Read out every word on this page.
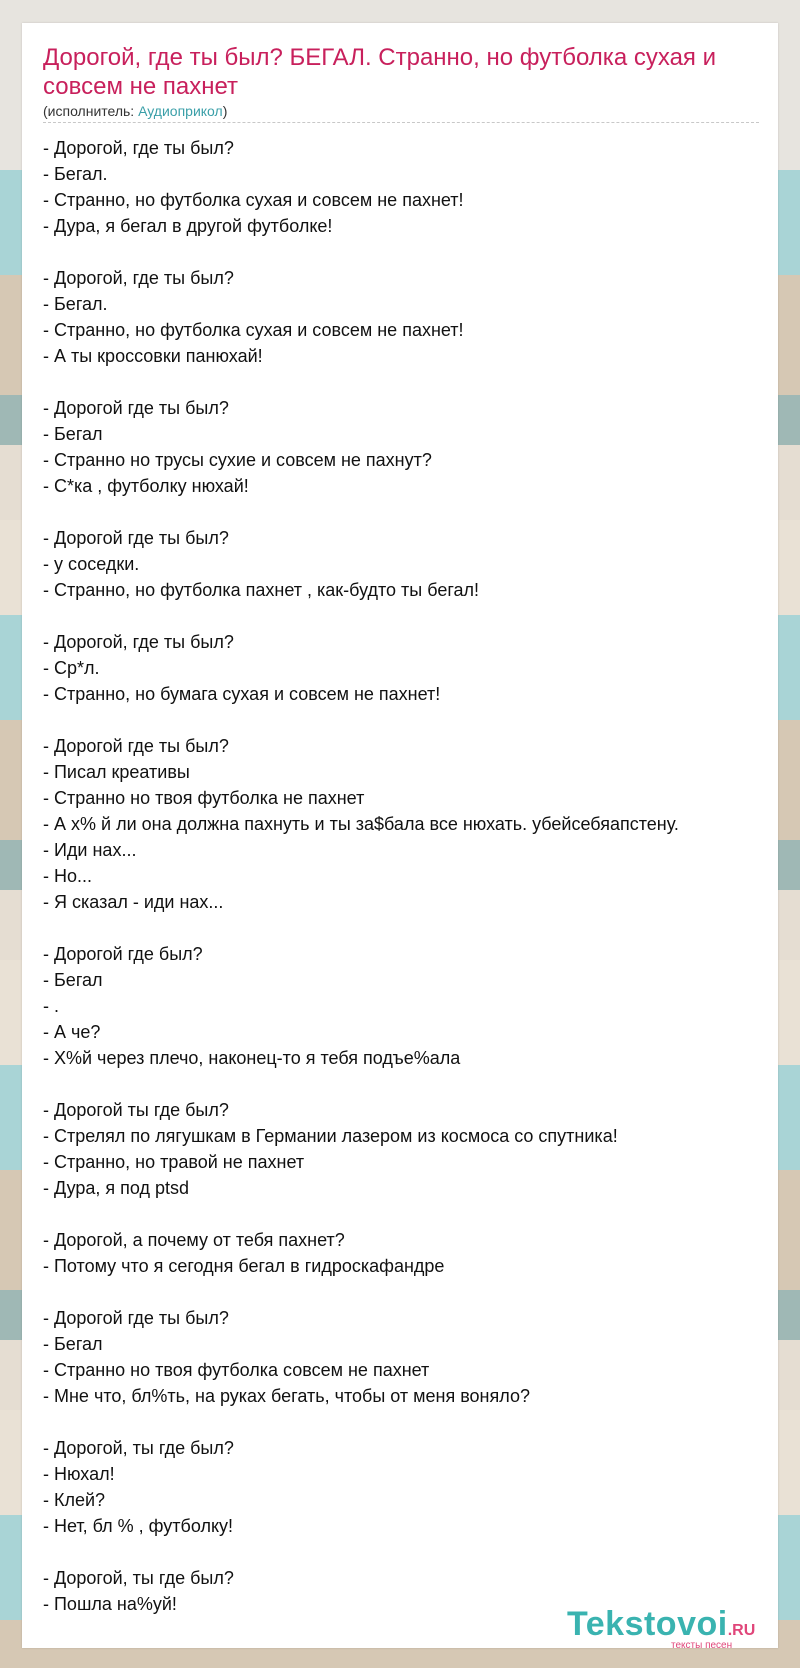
Дорогой, где ты был? БЕГАЛ. Странно, но футболка сухая и совсем не пахнет
(исполнитель: Аудиоприкол)
- Дорогой, где ты был?
- Бегал.
- Странно, но футболка сухая и совсем не пахнет!
- Дура, я бегал в другой футболке!

- Дорогой, где ты был?
- Бегал.
- Странно, но футболка сухая и совсем не пахнет!
- А ты кроссовки панюхай!

- Дорогой где ты был?
- Бегал
- Странно но трусы сухие и совсем не пахнут?
- С*ка , футболку нюхай!

- Дорогой где ты был?
- у соседки.
- Странно, но футболка пахнет , как-будто ты бегал!

- Дорогой, где ты был?
- Ср*л.
- Странно, но бумага сухая и совсем не пахнет!

- Дорогой где ты был?
- Писал креативы
- Странно но твоя футболка не пахнет
- А х% й ли она должна пахнуть и ты за$бала все нюхать. убейсебяапстену.
- Иди нах...
- Но...
- Я сказал - иди нах...

- Дорогой где был?
- Бегал
- .
- А че?
- Х%й через плечо, наконец-то я тебя подъе%ала

- Дорогой ты где был?
- Стрелял по лягушкам в Германии лазером из космоса со спутника!
- Странно, но травой не пахнет
- Дура, я под ptsd

- Дорогой, а почему от тебя пахнет?
- Потому что я сегодня бегал в гидроскафандре

- Дорогой где ты был?
- Бегал
- Странно но твоя футболка совсем не пахнет
- Мне что, бл%ть, на руках бегать, чтобы от меня воняло?

- Дорогой, ты где был?
- Нюхал!
- Клей?
- Нет, бл % , футболку!

- Дорогой, ты где был?
- Пошла на%уй!
Tekstovoi.RU
тексты песен
